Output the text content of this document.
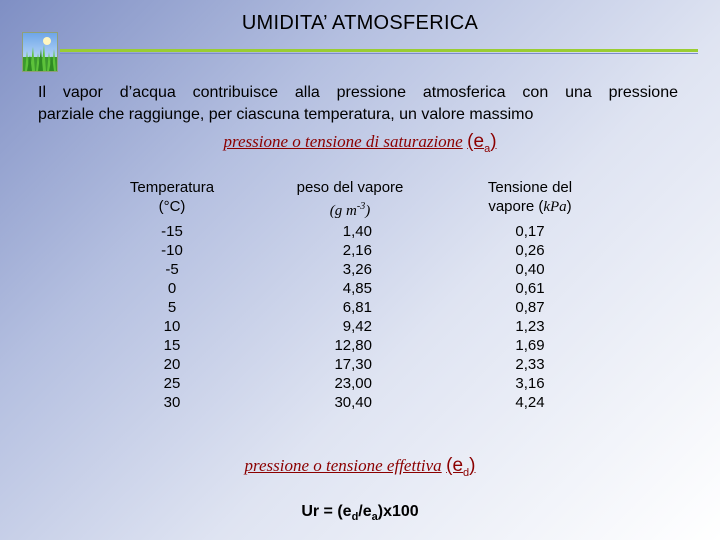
UMIDITA’ ATMOSFERICA
Il vapor d’acqua contribuisce alla pressione atmosferica con una pressione
parziale che raggiunge, per ciascuna temperatura, un valore massimo
pressione o tensione di saturazione $(e_a)$
Temperatura
(°C)
-15
-10
-5
0
5
10
15
20
25
30
peso del vapore
(g $m^{-3}$)
1,40
2,16
3,26
4,85
6,81
9,42
12,80
17,30
23,00
30,40
Tensione del
vapore (kPa)
0,17
0,26
0,40
0,61
0,87
1,23
1,69
2,33
3,16
4,24
pressione o tensione effettiva $(e_d)$
$Ur = (e_d/e_a)x100$
